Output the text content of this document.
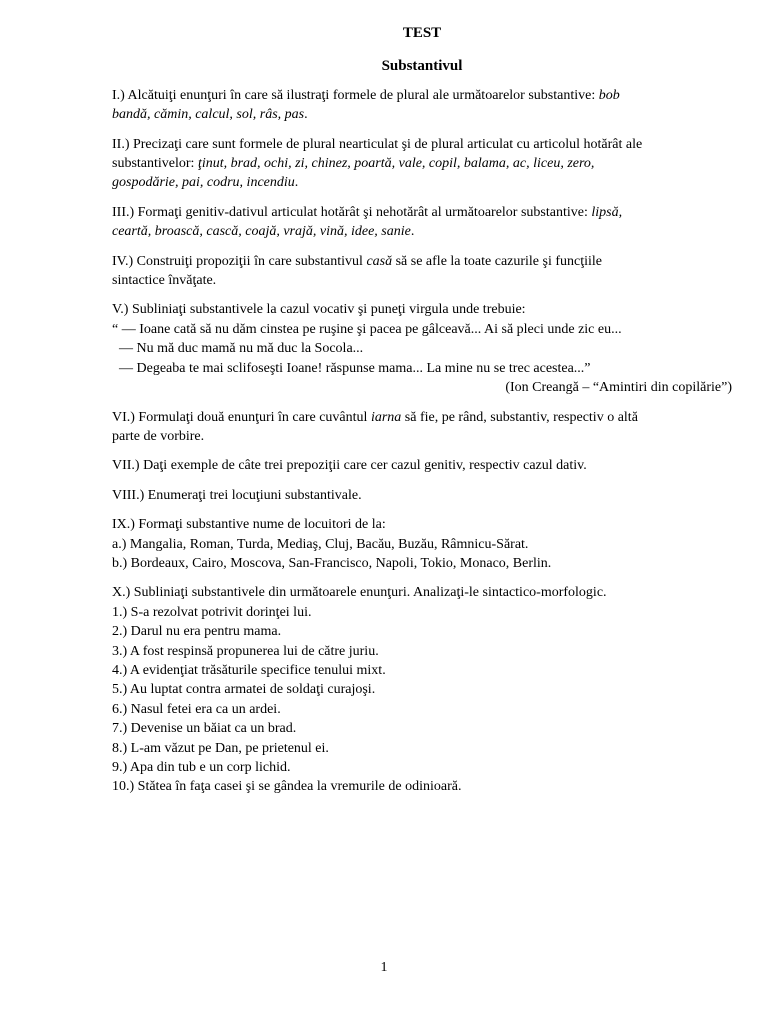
TEST

Substantivul

I.) Alcătuiţi enunţuri în care să ilustraţi formele de plural ale următoarelor substantive: bob

bandă, cămin, calcul, sol, râs, pas.

II.) Precizaţi care sunt formele de plural nearticulat şi de plural articulat cu articolul hotărât ale

substantivelor: ţinut, brad, ochi, zi, chinez, poartă, vale, copil, balama, ac, liceu, zero,

gospodărie, pai, codru, incendiu.

III.) Formaţi genitiv-dativul articulat hotărât şi nehotărât al următoarelor substantive: lipsă,

ceartă, broască, cască, coajă, vrajă, vină, idee, sanie.

IV.) Construiţi propoziţii în care substantivul casă să se afle la toate cazurile şi funcţiile

sintactice învăţate.

V.) Subliniaţi substantivele la cazul vocativ şi puneţi virgula unde trebuie:

“ — Ioane cată să nu dăm cinstea pe ruşine şi pacea pe gâlceavă... Ai să pleci unde zic eu...
— Nu mă duc mamă nu mă duc la Socola...
— Degeaba te mai sclifoseşti Ioane! răspunse mama... La mine nu se trec acestea...”

(Ion Creangă – “Amintiri din copilărie”)

VI.) Formulaţi două enunţuri în care cuvântul iarna să fie, pe rând, substantiv, respectiv o altă

parte de vorbire.

VII.) Daţi exemple de câte trei prepoziţii care cer cazul genitiv, respectiv cazul dativ.

VIII.) Enumeraţi trei locuţiuni substantivale.

IX.) Formaţi substantive nume de locuitori de la:

a.) Mangalia, Roman, Turda, Mediaş, Cluj, Bacău, Buzău, Râmnicu-Sărat.

b.) Bordeaux, Cairo, Moscova, San-Francisco, Napoli, Tokio, Monaco, Berlin.

X.) Subliniaţi substantivele din următoarele enunţuri. Analizaţi-le sintactico-morfologic.

1.) S-a rezolvat potrivit dorinţei lui.

2.) Darul nu era pentru mama.

3.) A fost respinsă propunerea lui de către juriu.

4.) A evidenţiat trăsăturile specifice tenului mixt.

5.) Au luptat contra armatei de soldaţi curajoşi.

6.) Nasul fetei era ca un ardei.

7.) Devenise un băiat ca un brad.

8.) L-am văzut pe Dan, pe prietenul ei.

9.) Apa din tub e un corp lichid.

10.) Stătea în faţa casei şi se gândea la vremurile de odinioară.

1
